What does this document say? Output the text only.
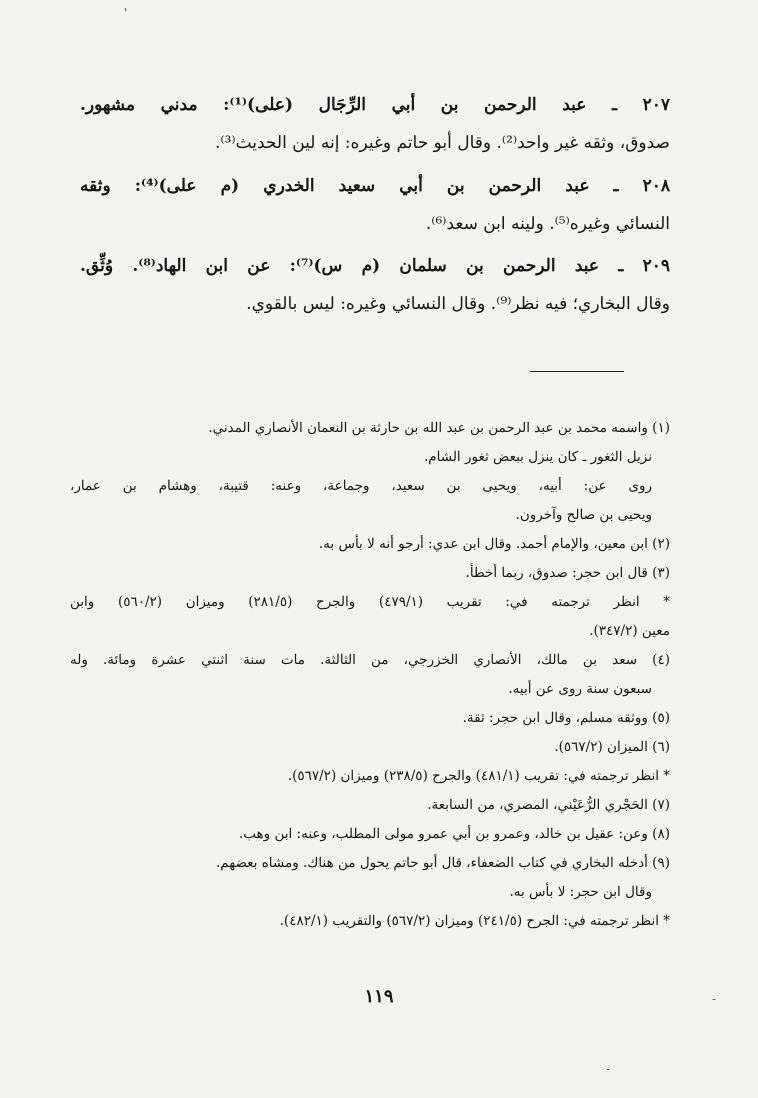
'
٢٠٧ ـ عبد الرحمن بن أبي الرِّجَال (على)⁽¹⁾: مدني مشهور.
صدوق، وثقه غير واحد⁽²⁾. وقال أبو حاتم وغيره: إنه لين الحديث⁽³⁾.
٢٠٨ ـ عبد الرحمن بن أبي سعيد الخدري (م على)⁽⁴⁾: وثقه
النسائي وغيره⁽⁵⁾. ولينه ابن سعد⁽⁶⁾.
٢٠٩ ـ عبد الرحمن بن سلمان (م س)⁽⁷⁾: عن ابن الهاد⁽⁸⁾. وُثِّق.
وقال البخاري؛ فيه نظر⁽⁹⁾. وقال النسائي وغيره: ليس بالقوي.
(١) واسمه محمد بن عبد الرحمن بن عبد الله بن حارثة بن النعمان الأنصاري المدني.
نزيل الثغور ـ كان ينزل ببعض ثغور الشام.
روى عن: أبيه، ويحيى بن سعيد، وجماعة، وعنه: قتيبة، وهشام بن عمار،
ويحيى بن صالح وآخرون.
(٢) ابن معين، والإمام أحمد. وقال ابن عدي: أرجو أنه لا بأس به.
(٣) قال ابن حجر: صدوق، ربما أخطأ.
* انظر ترجمته في: تقريب (٤٧٩/١) والجرح (٢٨١/٥) وميزان (٥٦٠/٢) وابن
معين (٣٤٧/٢).
(٤) سعد بن مالك، الأنصاري الخزرجي، من الثالثة. مات سنة اثنتي عشرة ومائة. وله
سبعون سنة روى عن أبيه.
(٥) ووثقه مسلم، وقال ابن حجر: ثقة.
(٦) الميزان (٥٦٧/٢).
* انظر ترجمته في: تقريب (٤٨١/١) والجرح (٢٣٨/٥) وميزان (٥٦٧/٢).
(٧) الحَجْري الرُّعَيْني، المصري، من السابعة.
(٨) وعن: عقيل بن خالد، وعمرو بن أبي عمرو مولى المطلب، وعنه: ابن وهب.
(٩) أدخله البخاري في كتاب الضعفاء، قال أبو حاتم يحول من هناك. ومشاه بعضهم.
وقال ابن حجر: لا بأس به.
* انظر ترجمته في: الجرح (٢٤١/٥) وميزان (٥٦٧/٢) والتقريب (٤٨٢/١).
١١٩	-
-
